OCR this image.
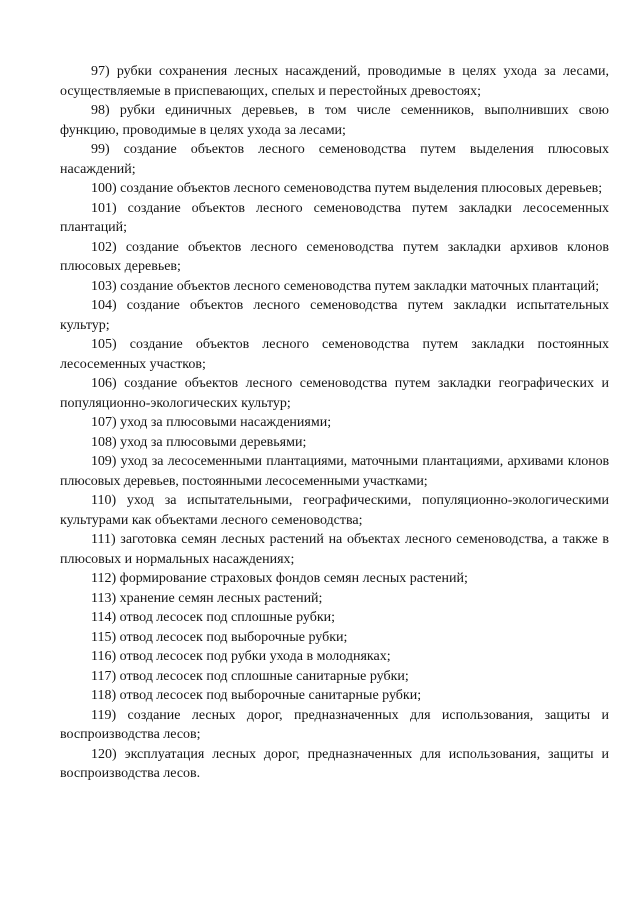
97) рубки сохранения лесных насаждений, проводимые в целях ухода за лесами, осуществляемые в приспевающих, спелых и перестойных древостоях;

98) рубки единичных деревьев, в том числе семенников, выполнивших свою функцию, проводимые в целях ухода за лесами;

99) создание объектов лесного семеноводства путем выделения плюсовых насаждений;

100) создание объектов лесного семеноводства путем выделения плюсовых деревьев;

101) создание объектов лесного семеноводства путем закладки лесосеменных плантаций;

102) создание объектов лесного семеноводства путем закладки архивов клонов плюсовых деревьев;

103) создание объектов лесного семеноводства путем закладки маточных плантаций;

104) создание объектов лесного семеноводства путем закладки испытательных культур;

105) создание объектов лесного семеноводства путем закладки постоянных лесосеменных участков;

106) создание объектов лесного семеноводства путем закладки географических и популяционно-экологических культур;

107) уход за плюсовыми насаждениями;

108) уход за плюсовыми деревьями;

109) уход за лесосеменными плантациями, маточными плантациями, архивами клонов плюсовых деревьев, постоянными лесосеменными участками;

110) уход за испытательными, географическими, популяционно-экологическими культурами как объектами лесного семеноводства;

111) заготовка семян лесных растений на объектах лесного семеноводства, а также в плюсовых и нормальных насаждениях;

112) формирование страховых фондов семян лесных растений;

113) хранение семян лесных растений;

114) отвод лесосек под сплошные рубки;

115) отвод лесосек под выборочные рубки;

116) отвод лесосек под рубки ухода в молодняках;

117) отвод лесосек под сплошные санитарные рубки;

118) отвод лесосек под выборочные санитарные рубки;

119) создание лесных дорог, предназначенных для использования, защиты и воспроизводства лесов;

120) эксплуатация лесных дорог, предназначенных для использования, защиты и воспроизводства лесов.
